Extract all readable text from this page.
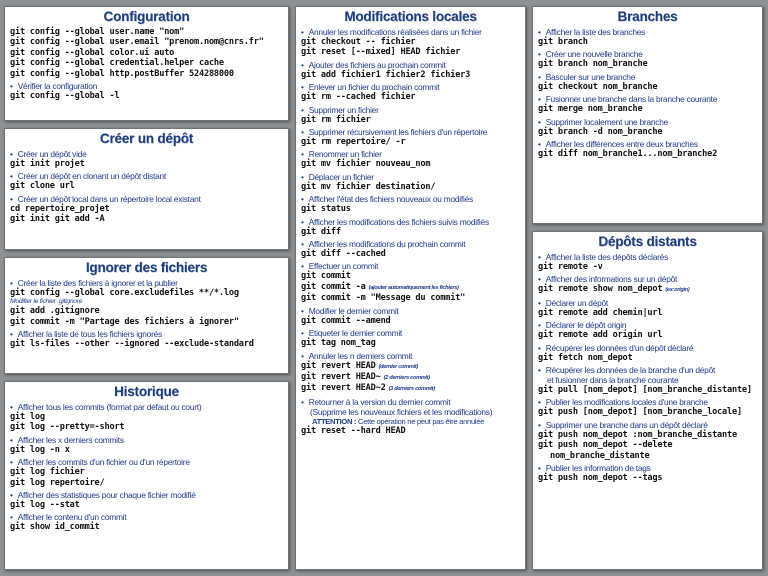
Configuration
git config --global user.name "nom"
git config --global user.email "prenom.nom@cnrs.fr"
git config --global color.ui auto
git config --global credential.helper cache
git config --global http.postBuffer 524288000
• Vérifier la configuration
git config --global -l
Créer un dépôt
• Créer un dépôt vide
git init projet
• Créer un dépôt en clonant un dépôt distant
git clone url
• Créer un dépôt local dans un répertoire local existant
cd repertoire_projet
git init git add -A
Ignorer des fichiers
• Créer la liste des fichiers à ignorer et la publier
git config --global core.excludefiles **/*.log
Modifier le fichier .gitignore
git add .gitignore
git commit -m "Partage des fichiers à ignorer"
• Afficher la liste de tous les fichiers ignorés
git ls-files --other --ignored --exclude-standard
Historique
• Afficher tous les commits (format par défaut ou court)
git log
git log --pretty=-short
• Afficher les x derniers commits
git log -n x
• Afficher les commits d'un fichier ou d'un répertoire
git log fichier
git log repertoire/
• Afficher des statistiques pour chaque fichier modifié
git log --stat
• Afficher le contenu d'un commit
git show id_commit
Modifications locales
• Annuler les modifications réalisées dans un fichier
git checkout -- fichier
git reset [--mixed] HEAD fichier
• Ajouter des fichiers au prochain commit
git add fichier1 fichier2 fichier3
• Enlever un fichier du prochain commit
git rm --cached fichier
• Supprimer un fichier
git rm fichier
• Supprimer récursivement les fichiers d'un répertoire
git rm repertoire/ -r
• Renommer un fichier
git mv fichier nouveau_nom
• Déplacer un fichier
git mv fichier destination/
• Afficher l'état des fichiers nouveaux ou modifiés
git status
• Afficher les modifications des fichiers suivis modifiés
git diff
• Afficher les modifications du prochain commit
git diff --cached
• Effectuer un commit
git commit
git commit -a (ajouter automatiquement les fichiers)
git commit -m "Message du commit"
• Modifier le dernier commit
git commit --amend
• Etiqueter le dernier commit
git tag nom_tag
• Annuler les n derniers commit
git revert HEAD (dernier commit)
git revert HEAD~ (2 derniers commit)
git revert HEAD~2 (3 derniers commit)
• Retourner à la version du dernier commit
(Supprime les nouveaux fichiers et les modifications)
ATTENTION : Cette opération ne peut pas être annulée
git reset --hard HEAD
Branches
• Afficher la liste des branches
git branch
• Créer une nouvelle branche
git branch nom_branche
• Basculer sur une branche
git checkout nom_branche
• Fusionner une branche dans la branche courante
git merge nom_branche
• Supprimer localement une branche
git branch -d nom_branche
• Afficher les différences entre deux branches
git diff nom_branche1...nom_branche2
Dépôts distants
• Afficher la liste des dépôts déclarés
git remote -v
• Afficher des informations sur un dépôt
git remote show nom_depot (ex:origin)
• Déclarer un dépôt
git remote add chemin|url
• Déclarer le dépôt origin
git remote add origin url
• Récupérer les données d'un dépôt déclaré
git fetch nom_depot
• Récupérer les données de la branche d'un dépôt
et fusionner dans la branche courante
git pull [nom_depot] [nom_branche_distante]
• Publier les modifications locales d'une branche
git push [nom_depot] [nom_branche_locale]
• Supprimer une branche dans un dépôt déclaré
git push nom_depot :nom_branche_distante
git push nom_depot --delete
nom_branche_distante
• Publier les information de tags
git push nom_depot --tags
